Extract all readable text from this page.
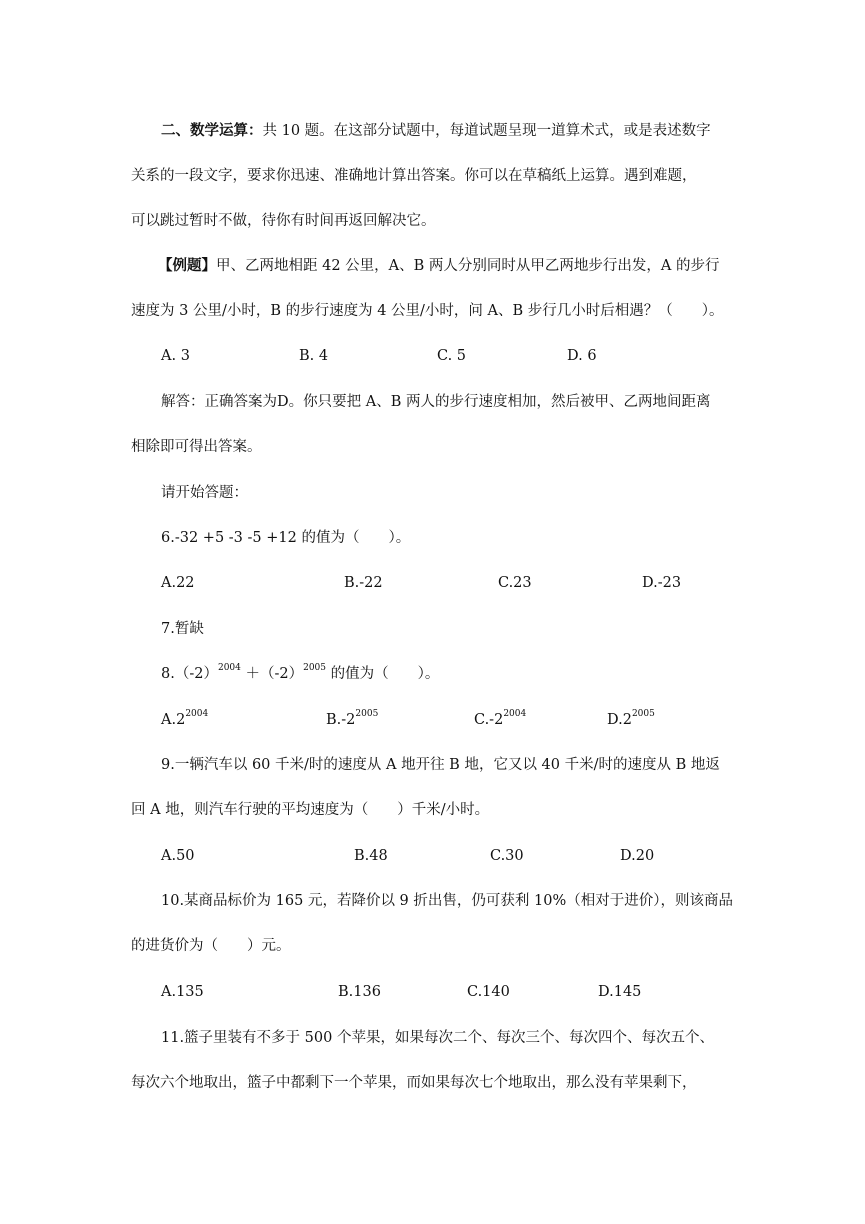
二、数学运算：共 10 题。在这部分试题中，每道试题呈现一道算术式，或是表述数字
关系的一段文字，要求你迅速、准确地计算出答案。你可以在草稿纸上运算。遇到难题，
可以跳过暂时不做，待你有时间再返回解决它。
【例题】甲、乙两地相距 42 公里，A、B 两人分别同时从甲乙两地步行出发，A 的步行
速度为 3 公里/小时，B 的步行速度为 4 公里/小时，问 A、B 步行几小时后相遇？（　　）。
A. 3	B. 4	C. 5	D. 6
解答：正确答案为D。你只要把 A、B 两人的步行速度相加，然后被甲、乙两地间距离
相除即可得出答案。
请开始答题：
6.-32 +5 -3 -5 +12 的值为（　　）。
A.22	B.-22	C.23	D.-23
7.暂缺
$8.(-2)^{2004} +(-2)^{2005}$ 的值为（　　）。
$A.2^{2004}$	$B.-2^{2005}$	$C.-2^{2004}$	$D.2^{2005}$
9.一辆汽车以 60 千米/时的速度从 A 地开往 B 地，它又以 40 千米/时的速度从 B 地返
回 A 地，则汽车行驶的平均速度为（　　）千米/小时。
A.50	B.48	C.30	D.20
10.某商品标价为 165 元，若降价以 9 折出售，仍可获利 10%（相对于进价），则该商品
的进货价为（　　）元。
A.135	B.136	C.140	D.145
11.篮子里装有不多于 500 个苹果，如果每次二个、每次三个、每次四个、每次五个、
每次六个地取出，篮子中都剩下一个苹果，而如果每次七个地取出，那么没有苹果剩下，
